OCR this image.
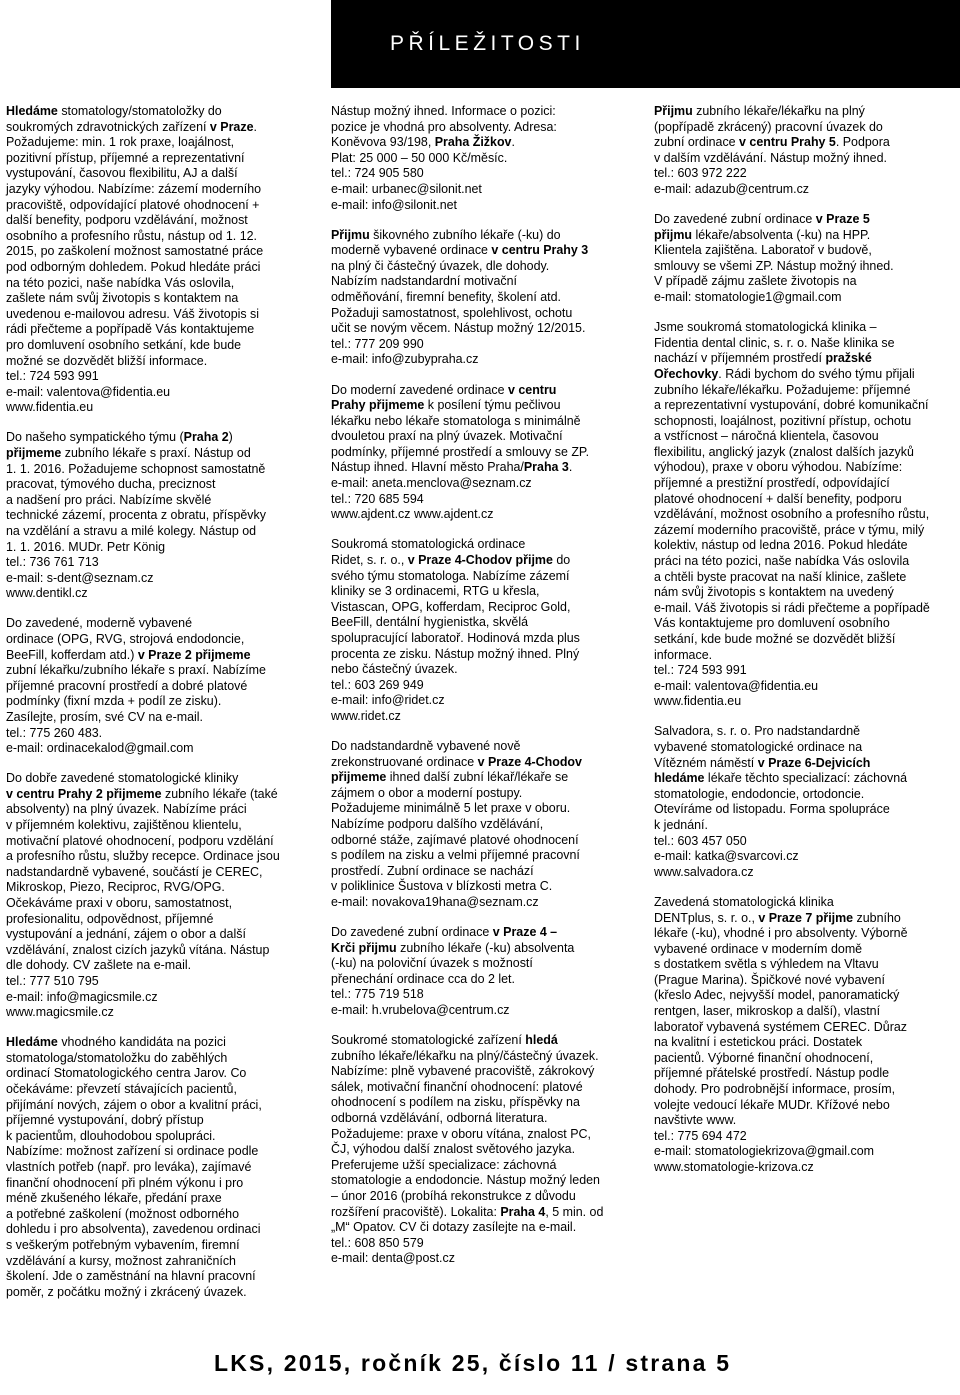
PŘÍLEŽITOSTI
Hledáme stomatology/stomatoložky do
soukromých zdravotnických zařízení v Praze.
Požadujeme: min. 1 rok praxe, loajálnost,
pozitivní přístup, příjemné a reprezentativní
vystupování, časovou flexibilitu, AJ a další
jazyky výhodou. Nabízíme: zázemí moderního
pracoviště, odpovídající platové ohodnocení +
další benefity, podporu vzdělávání, možnost
osobního a profesního růstu, nástup od 1. 12.
2015, po zaškolení možnost samostatné práce
pod odborným dohledem. Pokud hledáte práci
na této pozici, naše nabídka Vás oslovila,
zašlete nám svůj životopis s kontaktem na
uvedenou e-mailovou adresu. Váš životopis si
rádi přečteme a popřípadě Vás kontaktujeme
pro domluvení osobního setkání, kde bude
možné se dozvědět bližší informace.
tel.: 724 593 991
e-mail: valentova@fidentia.eu
www.fidentia.eu
Do našeho sympatického týmu (Praha 2)
přijmeme zubního lékaře s praxí. Nástup od
1. 1. 2016. Požadujeme schopnost samostatně
pracovat, týmového ducha, preciznost
a nadšení pro práci. Nabízíme skvělé
technické zázemí, procenta z obratu, příspěvky
na vzdělání a stravu a milé kolegy. Nástup od
1. 1. 2016. MUDr. Petr König
tel.: 736 761 713
e-mail: s-dent@seznam.cz
www.dentikl.cz
Do zavedené, moderně vybavené
ordinace (OPG, RVG, strojová endodoncie,
BeeFill, kofferdam atd.) v Praze 2 přijmeme
zubní lékařku/zubního lékaře s praxí. Nabízíme
příjemné pracovní prostředí a dobré platové
podmínky (fixní mzda + podíl ze zisku).
Zasílejte, prosím, své CV na e-mail.
tel.: 775 260 483.
e-mail: ordinacekalod@gmail.com
Do dobře zavedené stomatologické kliniky
v centru Prahy 2 přijmeme zubního lékaře (také
absolventy) na plný úvazek. Nabízíme práci
v příjemném kolektivu, zajištěnou klientelu,
motivační platové ohodnocení, podporu vzdělání
a profesního růstu, služby recepce. Ordinace jsou
nadstandardně vybavené, součástí je CEREC,
Mikroskop, Piezo, Reciproc, RVG/OPG.
Očekáváme praxi v oboru, samostatnost,
profesionalitu, odpovědnost, příjemné
vystupování a jednání, zájem o obor a další
vzdělávání, znalost cizích jazyků vítána. Nástup
dle dohody. CV zašlete na e-mail.
tel.: 777 510 795
e-mail: info@magicsmile.cz
www.magicsmile.cz
Hledáme vhodného kandidáta na pozici
stomatologa/stomatoložku do zaběhlých
ordinací Stomatologického centra Jarov. Co
očekáváme: převzetí stávajících pacientů,
přijímání nových, zájem o obor a kvalitní práci,
příjemné vystupování, dobrý přístup
k pacientům, dlouhodobou spolupráci.
Nabízíme: možnost zařízení si ordinace podle
vlastních potřeb (např. pro leváka), zajímavé
finanční ohodnocení při plném výkonu i pro
méně zkušeného lékaře, předání praxe
a potřebné zaškolení (možnost odborného
dohledu i pro absolventa), zavedenou ordinaci
s veškerým potřebným vybavením, firemní
vzdělávání a kursy, možnost zahraničních
školení. Jde o zaměstnání na hlavní pracovní
poměr, z počátku možný i zkrácený úvazek.
Nástup možný ihned. Informace o pozici:
pozice je vhodná pro absolventy. Adresa:
Koněvova 93/198, Praha Žižkov.
Plat: 25 000 – 50 000 Kč/měsíc.
tel.: 724 905 580
e-mail: urbanec@silonit.net
e-mail: info@silonit.net
Přijmu šikovného zubního lékaře (-ku) do
moderně vybavené ordinace v centru Prahy 3
na plný či částečný úvazek, dle dohody.
Nabízím nadstandardní motivační
odměňování, firemní benefity, školení atd.
Požaduji samostatnost, spolehlivost, ochotu
učit se novým věcem. Nástup možný 12/2015.
tel.: 777 209 990
e-mail: info@zubypraha.cz
Do moderní zavedené ordinace v centru
Prahy přijmeme k posílení týmu pečlivou
lékařku nebo lékaře stomatologa s minimálně
dvouletou praxí na plný úvazek. Motivační
podmínky, příjemné prostředí a smlouvy se ZP.
Nástup ihned. Hlavní město Praha/Praha 3.
e-mail: aneta.menclova@seznam.cz
tel.: 720 685 594
www.ajdent.cz www.ajdent.cz
Soukromá stomatologická ordinace
Ridet, s. r. o., v Praze 4-Chodov přijme do
svého týmu stomatologa. Nabízíme zázemí
kliniky se 3 ordinacemi, RTG u křesla,
Vistascan, OPG, kofferdam, Reciproc Gold,
BeeFill, dentální hygienistka, skvělá
spolupracující laboratoř. Hodinová mzda plus
procenta ze zisku. Nástup možný ihned. Plný
nebo částečný úvazek.
tel.: 603 269 949
e-mail: info@ridet.cz
www.ridet.cz
Do nadstandardně vybavené nově
zrekonstruované ordinace v Praze 4-Chodov
přijmeme ihned další zubní lékař/lékaře se
zájmem o obor a moderní postupy.
Požadujeme minimálně 5 let praxe v oboru.
Nabízíme podporu dalšího vzdělávání,
odborné stáže, zajímavé platové ohodnocení
s podílem na zisku a velmi příjemné pracovní
prostředí. Zubní ordinace se nachází
v poliklinice Šustova v blízkosti metra C.
e-mail: novakova19hana@seznam.cz
Do zavedené zubní ordinace v Praze 4 –
Krči přijmu zubního lékaře (-ku) absolventa
(-ku) na poloviční úvazek s možností
přenechání ordinace cca do 2 let.
tel.: 775 719 518
e-mail: h.vrubelova@centrum.cz
Soukromé stomatologické zařízení hledá
zubního lékaře/lékařku na plný/částečný úvazek.
Nabízíme: plně vybavené pracoviště, zákrokový
sálek, motivační finanční ohodnocení: platové
ohodnocení s podílem na zisku, příspěvky na
odborná vzdělávání, odborná literatura.
Požadujeme: praxe v oboru vítána, znalost PC,
ČJ, výhodou další znalost světového jazyka.
Preferujeme užší specializace: záchovná
stomatologie a endodoncie. Nástup možný leden
– únor 2016 (probíhá rekonstrukce z důvodu
rozšíření pracoviště). Lokalita: Praha 4, 5 min. od
„M“ Opatov. CV či dotazy zasílejte na e-mail.
tel.: 608 850 579
e-mail: denta@post.cz
Přijmu zubního lékaře/lékařku na plný
(popřípadě zkrácený) pracovní úvazek do
zubní ordinace v centru Prahy 5. Podpora
v dalším vzdělávání. Nástup možný ihned.
tel.: 603 972 222
e-mail: adazub@centrum.cz
Do zavedené zubní ordinace v Praze 5
přijmu lékaře/absolventa (-ku) na HPP.
Klientela zajištěna. Laboratoř v budově,
smlouvy se všemi ZP. Nástup možný ihned.
V případě zájmu zašlete životopis na
e-mail: stomatologie1@gmail.com
Jsme soukromá stomatologická klinika –
Fidentia dental clinic, s. r. o. Naše klinika se
nachází v příjemném prostředí pražské
Ořechovky. Rádi bychom do svého týmu přijali
zubního lékaře/lékařku. Požadujeme: příjemné
a reprezentativní vystupování, dobré komunikační
schopnosti, loajálnost, pozitivní přístup, ochotu
a vstřícnost – náročná klientela, časovou
flexibilitu, anglický jazyk (znalost dalších jazyků
výhodou), praxe v oboru výhodou. Nabízíme:
příjemné a prestižní prostředí, odpovídající
platové ohodnocení + další benefity, podporu
vzdělávání, možnost osobního a profesního růstu,
zázemí moderního pracoviště, práce v týmu, milý
kolektiv, nástup od ledna 2016. Pokud hledáte
práci na této pozici, naše nabídka Vás oslovila
a chtěli byste pracovat na naší klinice, zašlete
nám svůj životopis s kontaktem na uvedený
e-mail. Váš životopis si rádi přečteme a popřípadě
Vás kontaktujeme pro domluvení osobního
setkání, kde bude možné se dozvědět bližší
informace.
tel.: 724 593 991
e-mail: valentova@fidentia.eu
www.fidentia.eu
Salvadora, s. r. o. Pro nadstandardně
vybavené stomatologické ordinace na
Vítězném náměstí v Praze 6-Dejvicích
hledáme lékaře těchto specializací: záchovná
stomatologie, endodoncie, ortodoncie.
Otevíráme od listopadu. Forma spolupráce
k jednání.
tel.: 603 457 050
e-mail: katka@svarcovi.cz
www.salvadora.cz
Zavedená stomatologická klinika
DENTplus, s. r. o., v Praze 7 přijme zubního
lékaře (-ku), vhodné i pro absolventy. Výborně
vybavené ordinace v moderním domě
s dostatkem světla s výhledem na Vltavu
(Prague Marina). Špičkové nové vybavení
(křeslo Adec, nejvyšší model, panoramatický
rentgen, laser, mikroskop a další), vlastní
laboratoř vybavená systémem CEREC. Důraz
na kvalitní i estetickou práci. Dostatek
pacientů. Výborné finanční ohodnocení,
příjemné přátelské prostředí. Nástup podle
dohody. Pro podrobnější informace, prosím,
volejte vedoucí lékaře MUDr. Křížové nebo
navštivte www.
tel.: 775 694 472
e-mail: stomatologiekrizova@gmail.com
www.stomatologie-krizova.cz
LKS, 2015, ročník 25, číslo 11 / strana 5
